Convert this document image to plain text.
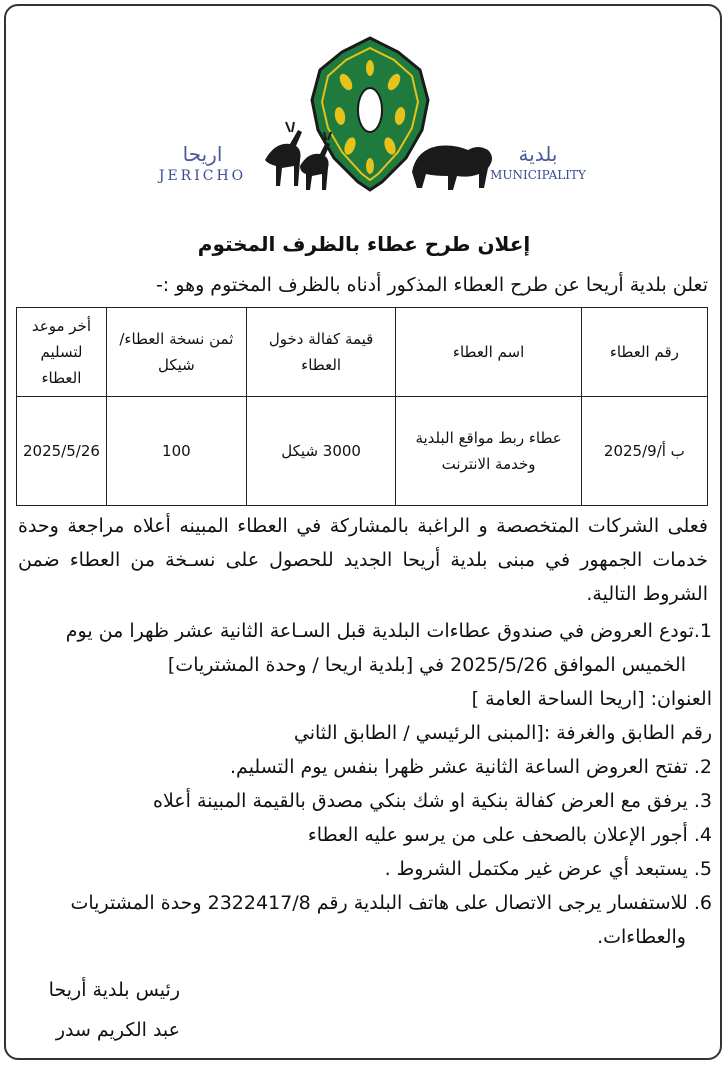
اريحا
JERICHO
بلدية
MUNICIPALITY
إعلان طرح عطاء بالظرف المختوم
تعلن بلدية أريحا عن طرح العطاء المذكور أدناه بالظرف المختوم وهو :-
رقم العطاء	اسم العطاء	قيمة كفالة دخول العطاء	ثمن نسخة العطاء/شيكل	أخر موعد لتسليم العطاء
ب أ/2025/9	عطاء ربط مواقع البلدية وخدمة الانترنت	3000 شيكل	100	2025/5/26
فعلى الشركات المتخصصة و الراغبة بالمشاركة في العطاء المبينه أعلاه مراجعة وحدة خدمات الجمهور في مبنى بلدية أريحا الجديد للحصول على نسـخة من العطاء ضمن الشروط التالية.
1.تودع العروض في صندوق عطاءات البلدية قبل السـاعة الثانية عشر ظهرا من يوم
الخميس الموافق 2025/5/26 في [بلدية اريحا / وحدة المشتريات]
العنوان: [اريحا الساحة العامة ]
رقم الطابق والغرفة :[المبنى الرئيسي / الطابق الثاني
2. تفتح العروض الساعة الثانية عشر ظهرا بنفس يوم التسليم.
3. يرفق مع العرض كفالة بنكية او شك بنكي مصدق بالقيمة المبينة أعلاه
4. أجور الإعلان بالصحف على من يرسو عليه العطاء
5. يستبعد أي عرض غير مكتمل الشروط .
6. للاستفسار يرجى الاتصال على هاتف البلدية رقم 2322417/8 وحدة المشتريات
والعطاءات.
رئيس بلدية أريحا
عبد الكريم سدر
